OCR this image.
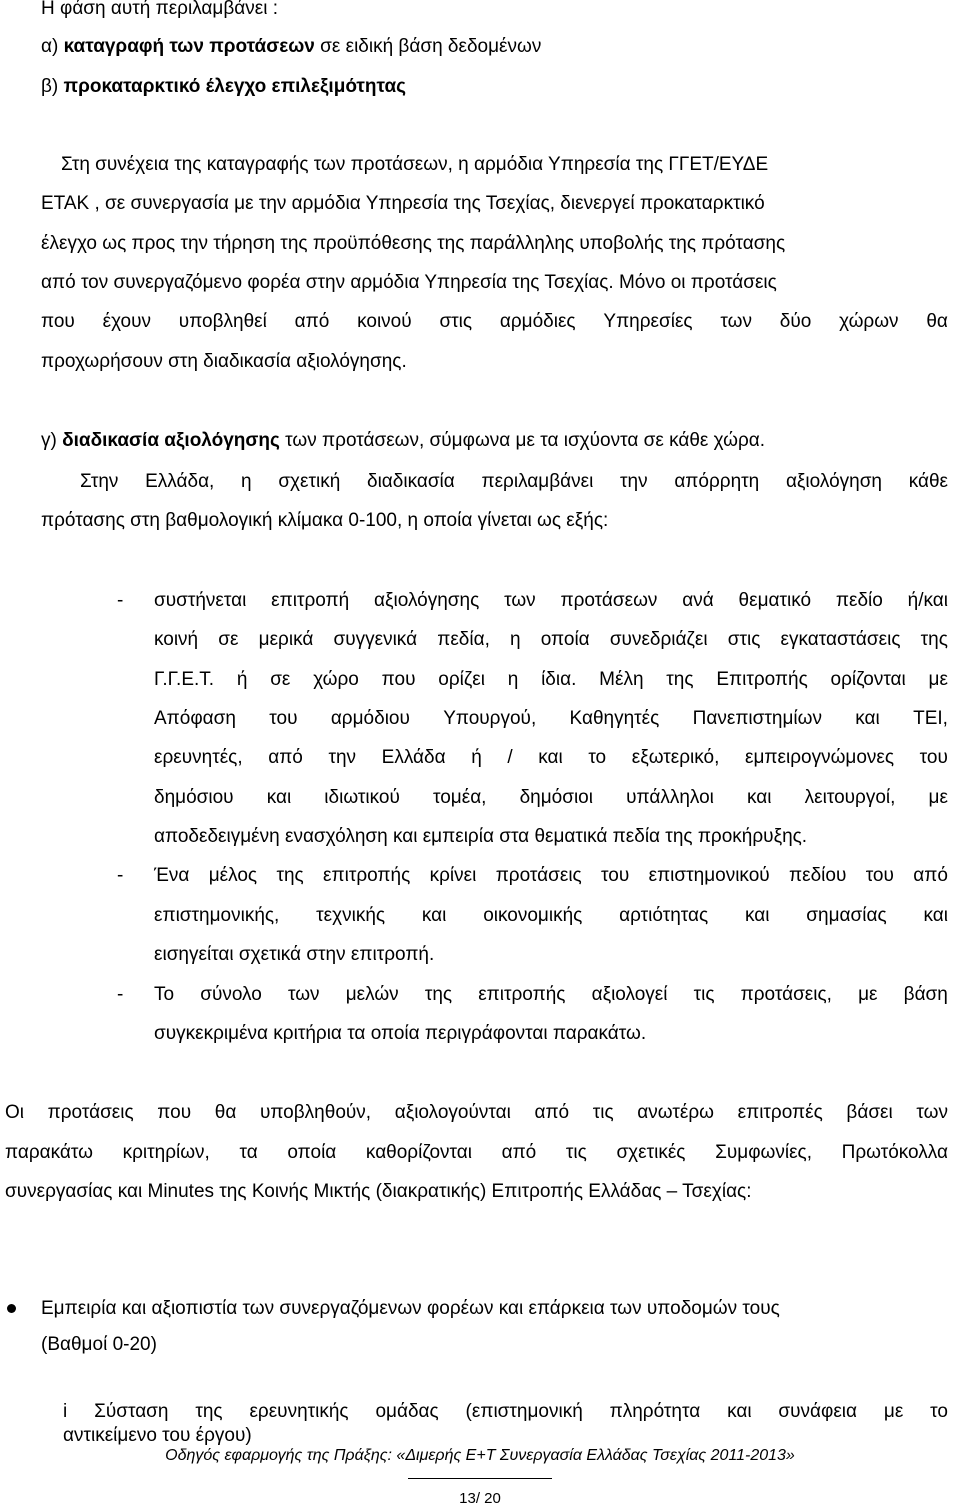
Η φάση αυτή περιλαμβάνει :
α) καταγραφή των προτάσεων σε ειδική βάση δεδομένων
β) προκαταρκτικό έλεγχο επιλεξιμότητας
Στη συνέχεια της καταγραφής των προτάσεων, η αρμόδια Υπηρεσία της ΓΓΕΤ/ΕΥΔΕ
ΕΤΑΚ , σε συνεργασία με την αρμόδια Υπηρεσία της Τσεχίας, διενεργεί προκαταρκτικό
έλεγχο ως προς την τήρηση της προϋπόθεσης της παράλληλης υποβολής της πρότασης
από τον συνεργαζόμενο φορέα στην αρμόδια Υπηρεσία της Τσεχίας. Μόνο οι προτάσεις
που έχουν υποβληθεί από κοινού στις αρμόδιες Υπηρεσίες των δύο χώρων θα
προχωρήσουν στη διαδικασία αξιολόγησης.
γ) διαδικασία αξιολόγησης των προτάσεων, σύμφωνα με τα ισχύοντα σε κάθε χώρα.
Στην Ελλάδα, η σχετική διαδικασία περιλαμβάνει την απόρρητη αξιολόγηση κάθε
πρότασης στη βαθμολογική κλίμακα 0-100, η οποία γίνεται ως εξής:
- συστήνεται επιτροπή αξιολόγησης των προτάσεων ανά θεματικό πεδίο ή/και
κοινή σε μερικά συγγενικά πεδία, η οποία συνεδριάζει στις εγκαταστάσεις της
Γ.Γ.Ε.Τ. ή σε χώρο που ορίζει η ίδια. Μέλη της Επιτροπής ορίζονται με
Απόφαση του αρμόδιου Υπουργού, Καθηγητές Πανεπιστημίων και ΤΕΙ,
ερευνητές, από την Ελλάδα ή / και το εξωτερικό, εμπειρογνώμονες του
δημόσιου και ιδιωτικού τομέα, δημόσιοι υπάλληλοι και λειτουργοί, με
αποδεδειγμένη ενασχόληση και εμπειρία στα θεματικά πεδία της προκήρυξης.
- Ένα μέλος της επιτροπής κρίνει προτάσεις του επιστημονικού πεδίου του από
επιστημονικής, τεχνικής και οικονομικής αρτιότητας και σημασίας και
εισηγείται σχετικά στην επιτροπή.
- Το σύνολο των μελών της επιτροπής αξιολογεί τις προτάσεις, με βάση
συγκεκριμένα κριτήρια τα οποία περιγράφονται παρακάτω.
Οι προτάσεις που θα υποβληθούν, αξιολογούνται από τις ανωτέρω επιτροπές βάσει των
παρακάτω κριτηρίων, τα οποία καθορίζονται από τις σχετικές Συμφωνίες, Πρωτόκολλα
συνεργασίας και Minutes της Κοινής Μικτής (διακρατικής) Επιτροπής Ελλάδας – Τσεχίας:
Εμπειρία και αξιοπιστία των συνεργαζόμενων φορέων και επάρκεια των υποδομών τους
(Βαθμοί 0-20)
i Σύσταση της ερευνητικής ομάδας (επιστημονική πληρότητα και συνάφεια με το
αντικείμενο του έργου)
Οδηγός εφαρμογής της Πράξης: «Διμερής Ε+Τ Συνεργασία Ελλάδας Τσεχίας 2011-2013»
13/ 20
